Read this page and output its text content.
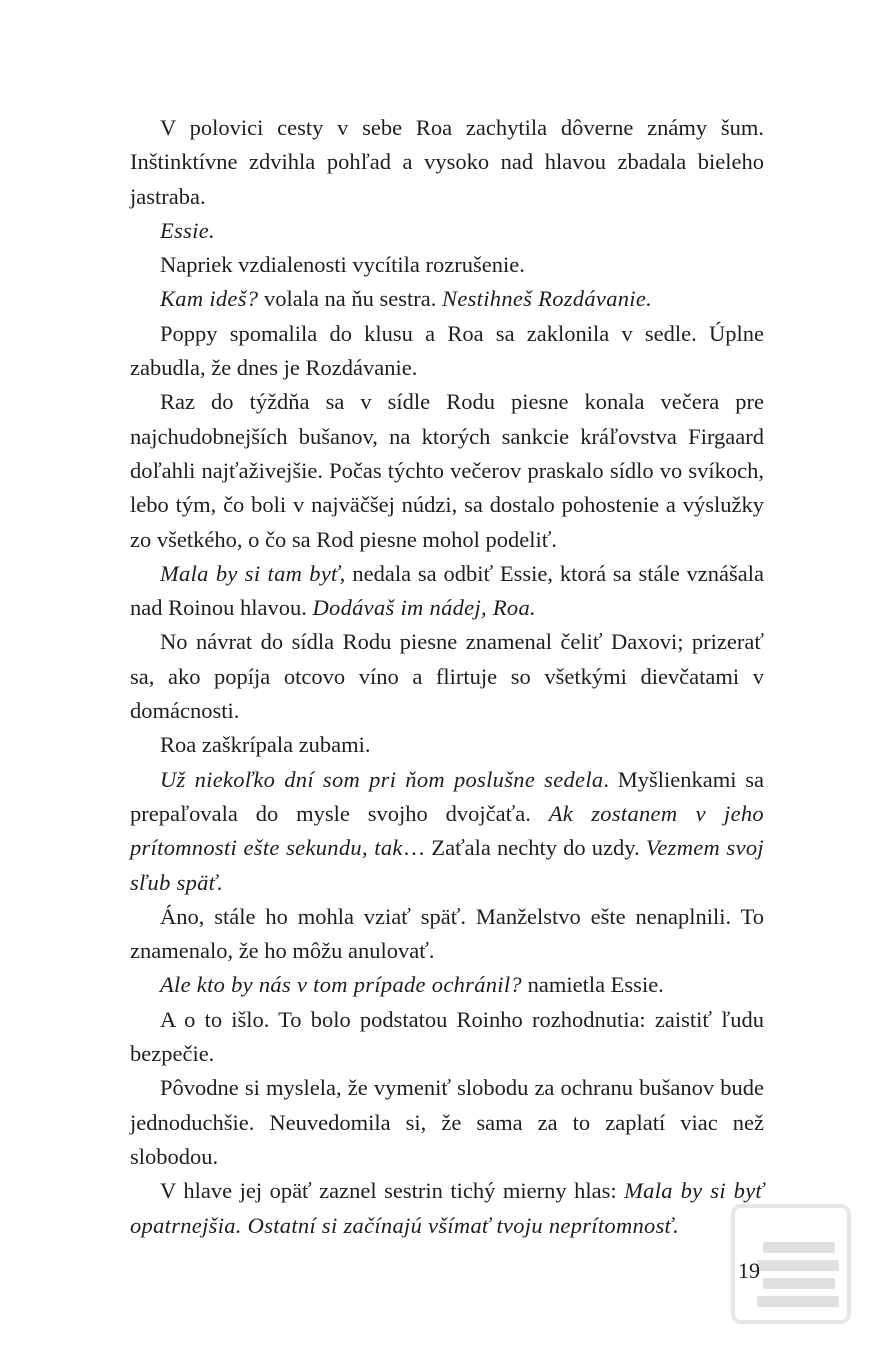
V polovici cesty v sebe Roa zachytila dôverne známy šum. Inštinktívne zdvihla pohľad a vysoko nad hlavou zbadala bieleho jastraba.

Essie.

Napriek vzdialenosti vycítila rozrušenie.

Kam ideš? volala na ňu sestra. Nestihneš Rozdávanie.

Poppy spomalila do klusu a Roa sa zaklonila v sedle. Úplne zabudla, že dnes je Rozdávanie.

Raz do týždňa sa v sídle Rodu piesne konala večera pre najchudobnejších bušanov, na ktorých sankcie kráľovstva Firgaard doľahli najťaživejšie. Počas týchto večerov praskalo sídlo vo svíkoch, lebo tým, čo boli v najväčšej núdzi, sa dostalo pohostenie a výslužky zo všetkého, o čo sa Rod piesne mohol podeliť.

Mala by si tam byť, nedala sa odbiť Essie, ktorá sa stále vznášala nad Roinou hlavou. Dodávaš im nádej, Roa.

No návrat do sídla Rodu piesne znamenal čeliť Daxovi; prizerať sa, ako popíja otcovo víno a flirtuje so všetkými dievčatami v domácnosti.

Roa zaškrípala zubami.

Už niekoľko dní som pri ňom poslušne sedela. Myšlienkami sa prepaľovala do mysle svojho dvojčaťa. Ak zostanem v jeho prítomnosti ešte sekundu, tak… Zaťala nechty do uzdy. Vezmem svoj sľub späť.

Áno, stále ho mohla vziať späť. Manželstvo ešte nenaplnili. To znamenalo, že ho môžu anulovať.

Ale kto by nás v tom prípade ochránil? namietla Essie.

A o to išlo. To bolo podstatou Roinho rozhodnutia: zaistiť ľudu bezpečie.

Pôvodne si myslela, že vymeniť slobodu za ochranu bušanov bude jednoduchšie. Neuvedomila si, že sama za to zaplatí viac než slobodou.

V hlave jej opäť zaznel sestrin tichý mierny hlas: Mala by si byť opatrnejšia. Ostatní si začínajú všímať tvoju neprítomnosť.

19
